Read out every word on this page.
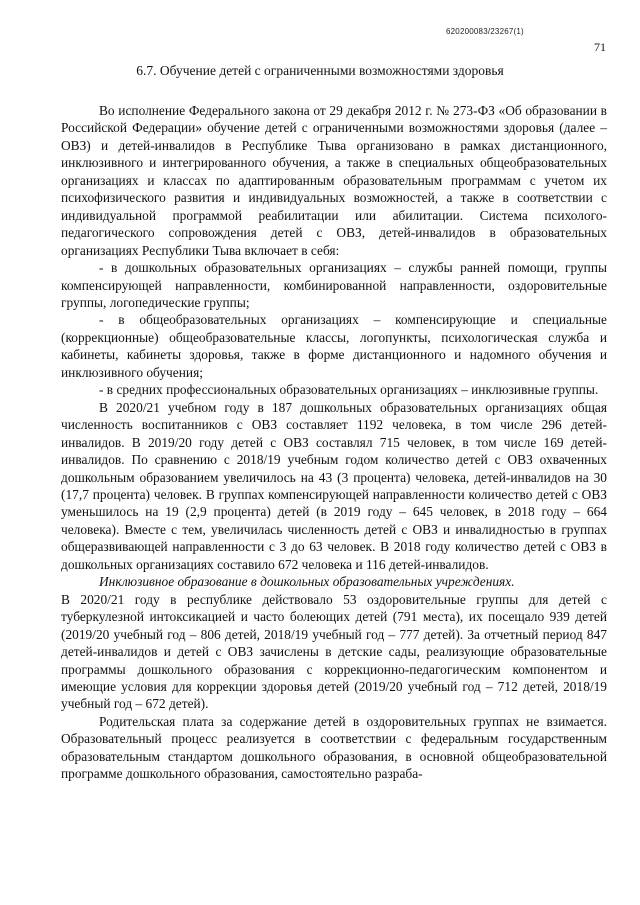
620200083/23267(1)
71
6.7. Обучение детей с ограниченными возможностями здоровья

Во исполнение Федерального закона от 29 декабря 2012 г. № 273-ФЗ «Об образовании в Российской Федерации» обучение детей с ограниченными возможностями здоровья (далее – ОВЗ) и детей-инвалидов в Республике Тыва организовано в рамках дистанционного, инклюзивного и интегрированного обучения, а также в специальных общеобразовательных организациях и классах по адаптированным образовательным программам с учетом их психофизического развития и индивидуальных возможностей, а также в соответствии с индивидуальной программой реабилитации или абилитации. Система психолого-педагогического сопровождения детей с ОВЗ, детей-инвалидов в образовательных организациях Республики Тыва включает в себя:

- в дошкольных образовательных организациях – службы ранней помощи, группы компенсирующей направленности, комбинированной направленности, оздоровительные группы, логопедические группы;

- в общеобразовательных организациях – компенсирующие и специальные (коррекционные) общеобразовательные классы, логопункты, психологическая служба и кабинеты, кабинеты здоровья, также в форме дистанционного и надомного обучения и инклюзивного обучения;

- в средних профессиональных образовательных организациях – инклюзивные группы.

В 2020/21 учебном году в 187 дошкольных образовательных организациях общая численность воспитанников с ОВЗ составляет 1192 человека, в том числе 296 детей-инвалидов. В 2019/20 году детей с ОВЗ составлял 715 человек, в том числе 169 детей-инвалидов. По сравнению с 2018/19 учебным годом количество детей с ОВЗ охваченных дошкольным образованием увеличилось на 43 (3 процента) человека, детей-инвалидов на 30 (17,7 процента) человек. В группах компенсирующей направленности количество детей с ОВЗ уменьшилось на 19 (2,9 процента) детей (в 2019 году – 645 человек, в 2018 году – 664 человека). Вместе с тем, увеличилась численность детей с ОВЗ и инвалидностью в группах общеразвивающей направленности с 3 до 63 человек. В 2018 году количество детей с ОВЗ в дошкольных организациях составило 672 человека и 116 детей-инвалидов.

Инклюзивное образование в дошкольных образовательных учреждениях.

В 2020/21 году в республике действовало 53 оздоровительные группы для детей с туберкулезной интоксикацией и часто болеющих детей (791 места), их посещало 939 детей (2019/20 учебный год – 806 детей, 2018/19 учебный год – 777 детей). За отчетный период 847 детей-инвалидов и детей с ОВЗ зачислены в детские сады, реализующие образовательные программы дошкольного образования с коррекционно-педагогическим компонентом и имеющие условия для коррекции здоровья детей (2019/20 учебный год – 712 детей, 2018/19 учебный год – 672 детей).

Родительская плата за содержание детей в оздоровительных группах не взимается. Образовательный процесс реализуется в соответствии с федеральным государственным образовательным стандартом дошкольного образования, в основной общеобразовательной программе дошкольного образования, самостоятельно разраба-
